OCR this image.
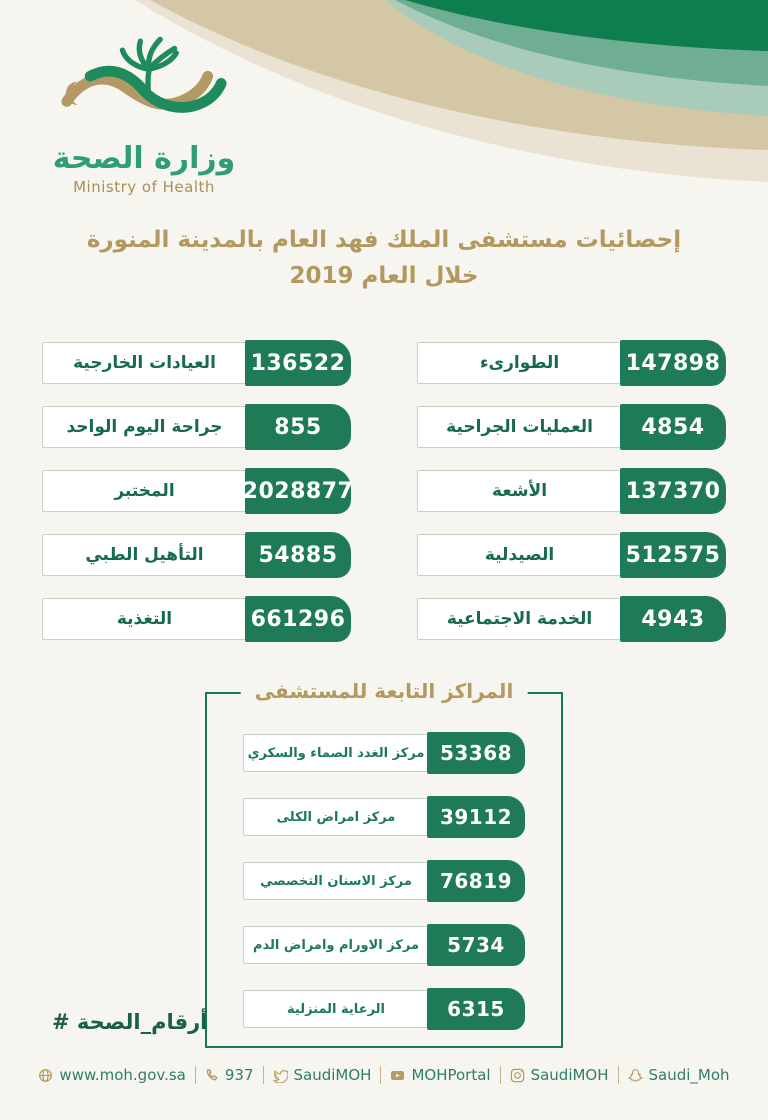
وزارة الصحة
Ministry of Health
إحصائيات مستشفى الملك فهد العام بالمدينة المنورة
خلال العام 2019
الطوارىء	147898
العيادات الخارجية 136522
العمليات الجراحية 4854
جراحة اليوم الواحد 855
الأشعة	137370
المختبر	2028877
الصيدلية	512575
التأهيل الطبي 54885
الخدمة الاجتماعية 4943
التغذية	661296
المراكز التابعة للمستشفى
مركز الغدد الصماء والسكري 53368
مركز امراض الكلى 39112
مركز الاسنان التخصصي 76819
مركز الاورام وامراض الدم 5734
الرعاية المنزلية	6315
# أرقام_الصحة
www.moh.gov.sa	937	SaudiMOH	MOHPortal	SaudiMOH	Saudi_Moh
